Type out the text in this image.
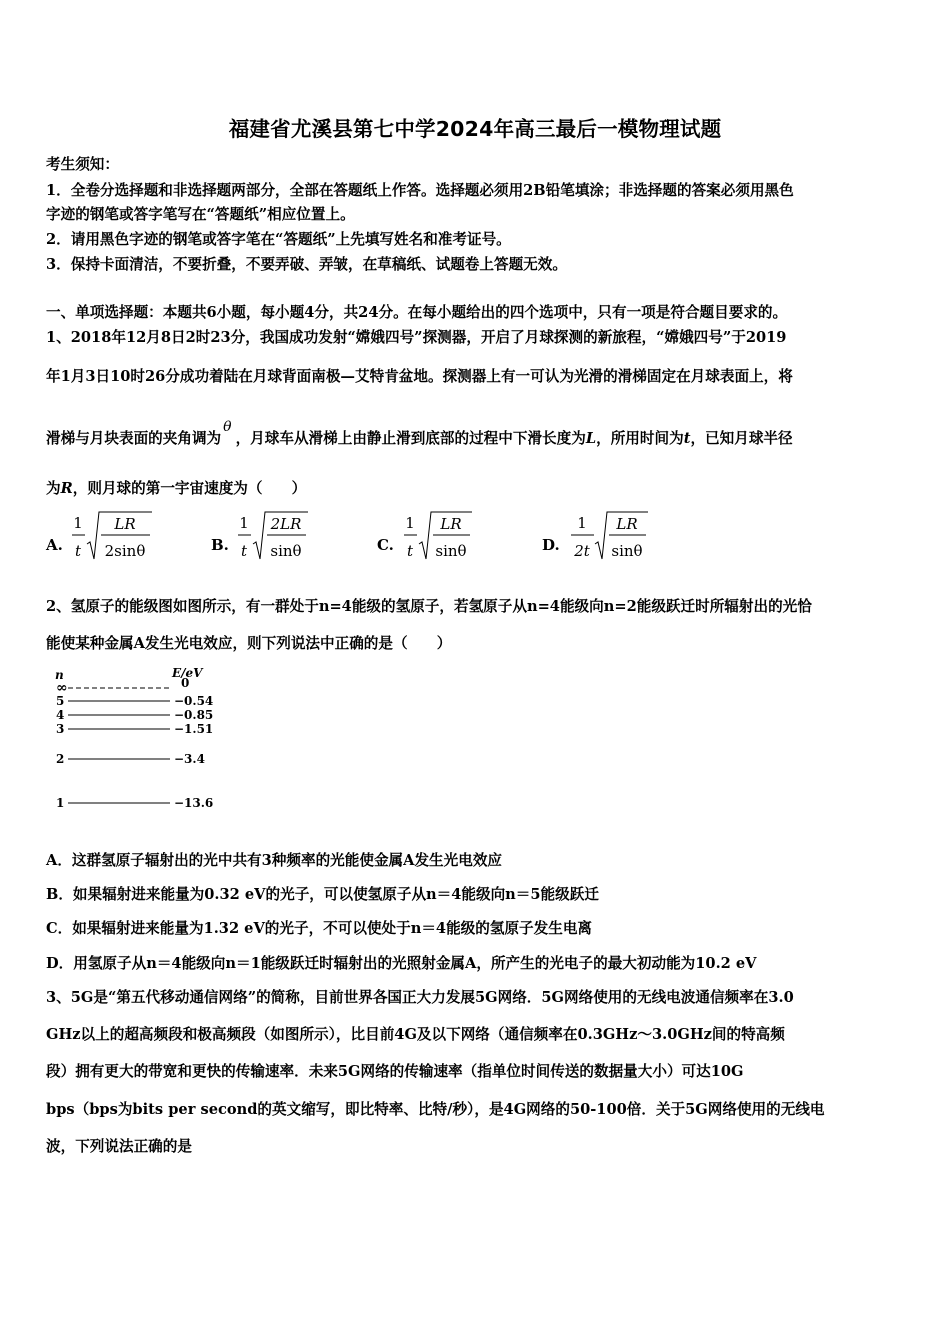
福建省尤溪县第七中学2024年高三最后一模物理试题
考生须知：
1．全卷分选择题和非选择题两部分，全部在答题纸上作答。选择题必须用2B铅笔填涂；非选择题的答案必须用黑色
字迹的钢笔或答字笔写在“答题纸”相应位置上。
2．请用黑色字迹的钢笔或答字笔在“答题纸”上先填写姓名和准考证号。
3．保持卡面清洁，不要折叠，不要弄破、弄皱，在草稿纸、试题卷上答题无效。
一、单项选择题：本题共6小题，每小题4分，共24分。在每小题给出的四个选项中，只有一项是符合题目要求的。
1、2018年12月8日2时23分，我国成功发射“嫦娥四号”探测器，开启了月球探测的新旅程，“嫦娥四号”于2019
年1月3日10时26分成功着陆在月球背面南极—艾特肯盆地。探测器上有一可认为光滑的滑梯固定在月球表面上，将
滑梯与月块表面的夹角调为θ，月球车从滑梯上由静止滑到底部的过程中下滑长度为L，所用时间为t，已知月球半径
为R，则月球的第一宇宙速度为（　　）
A.
1
t
LR
2sinθ	B.
1
t
2LR
sinθ	C.
1
t
LR
sinθ	D.
1
2t
LR
sinθ
2、氢原子的能级图如图所示，有一群处于n=4能级的氢原子，若氢原子从n=4能级向n=2能级跃迁时所辐射出的光恰
能使某种金属A发生光电效应，则下列说法中正确的是（　　）
n	E/eV
∞	0
5	−0.54
4	−0.85
3	−1.51
2	−3.4
1	−13.6
A．这群氢原子辐射出的光中共有3种频率的光能使金属A发生光电效应
B．如果辐射进来能量为0.32 eV的光子，可以使氢原子从n＝4能级向n＝5能级跃迁
C．如果辐射进来能量为1.32 eV的光子，不可以使处于n＝4能级的氢原子发生电离
D．用氢原子从n＝4能级向n＝1能级跃迁时辐射出的光照射金属A，所产生的光电子的最大初动能为10.2 eV
3、5G是“第五代移动通信网络”的简称，目前世界各国正大力发展5G网络．5G网络使用的无线电波通信频率在3.0
GHz以上的超高频段和极高频段（如图所示），比目前4G及以下网络（通信频率在0.3GHz～3.0GHz间的特高频
段）拥有更大的带宽和更快的传输速率．未来5G网络的传输速率（指单位时间传送的数据量大小）可达10G
bps（bps为bits per second的英文缩写，即比特率、比特/秒），是4G网络的50-100倍．关于5G网络使用的无线电
波，下列说法正确的是
